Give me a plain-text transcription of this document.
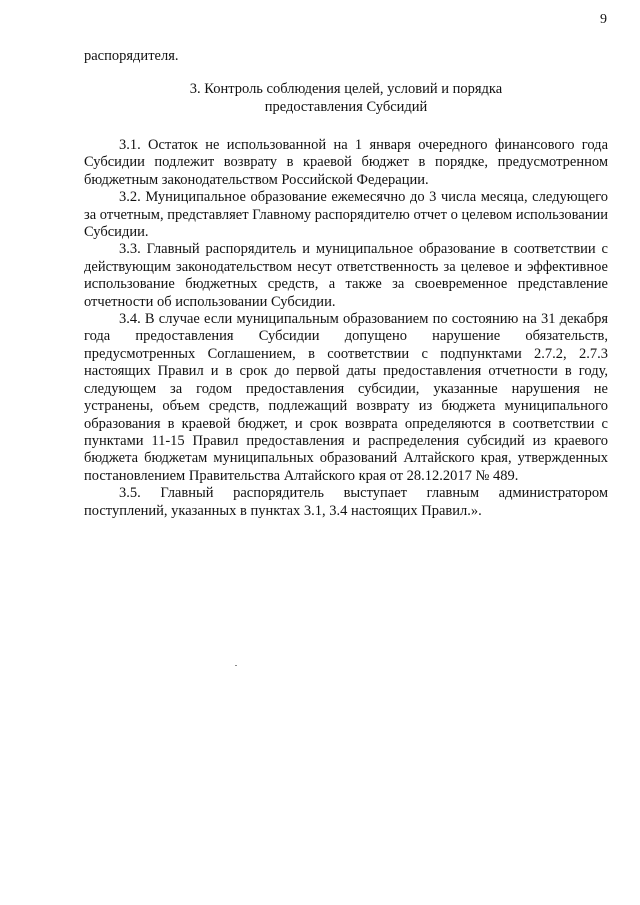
9
распорядителя.
3. Контроль соблюдения целей, условий и порядка
предоставления Субсидий

3.1. Остаток не использованной на 1 января очередного финансового года Субсидии подлежит возврату в краевой бюджет в порядке, предусмотренном бюджетным законодательством Российской Федерации.

3.2. Муниципальное образование ежемесячно до 3 числа месяца, следующего за отчетным, представляет Главному распорядителю отчет о целевом использовании Субсидии.

3.3. Главный распорядитель и муниципальное образование в соответствии с действующим законодательством несут ответственность за целевое и эффективное использование бюджетных средств, а также за своевременное представление отчетности об использовании Субсидии.

3.4. В случае если муниципальным образованием по состоянию на 31 декабря года предоставления Субсидии допущено нарушение обязательств, предусмотренных Соглашением, в соответствии с подпунктами 2.7.2, 2.7.3 настоящих Правил и в срок до первой даты предоставления отчетности в году, следующем за годом предоставления субсидии, указанные нарушения не устранены, объем средств, подлежащий возврату из бюджета муниципального образования в краевой бюджет, и срок возврата определяются в соответствии с пунктами 11-15 Правил предоставления и распределения субсидий из краевого бюджета бюджетам муниципальных образований Алтайского края, утвержденных постановлением Правительства Алтайского края от 28.12.2017 № 489.

3.5. Главный распорядитель выступает главным администратором поступлений, указанных в пунктах 3.1, 3.4 настоящих Правил.».
